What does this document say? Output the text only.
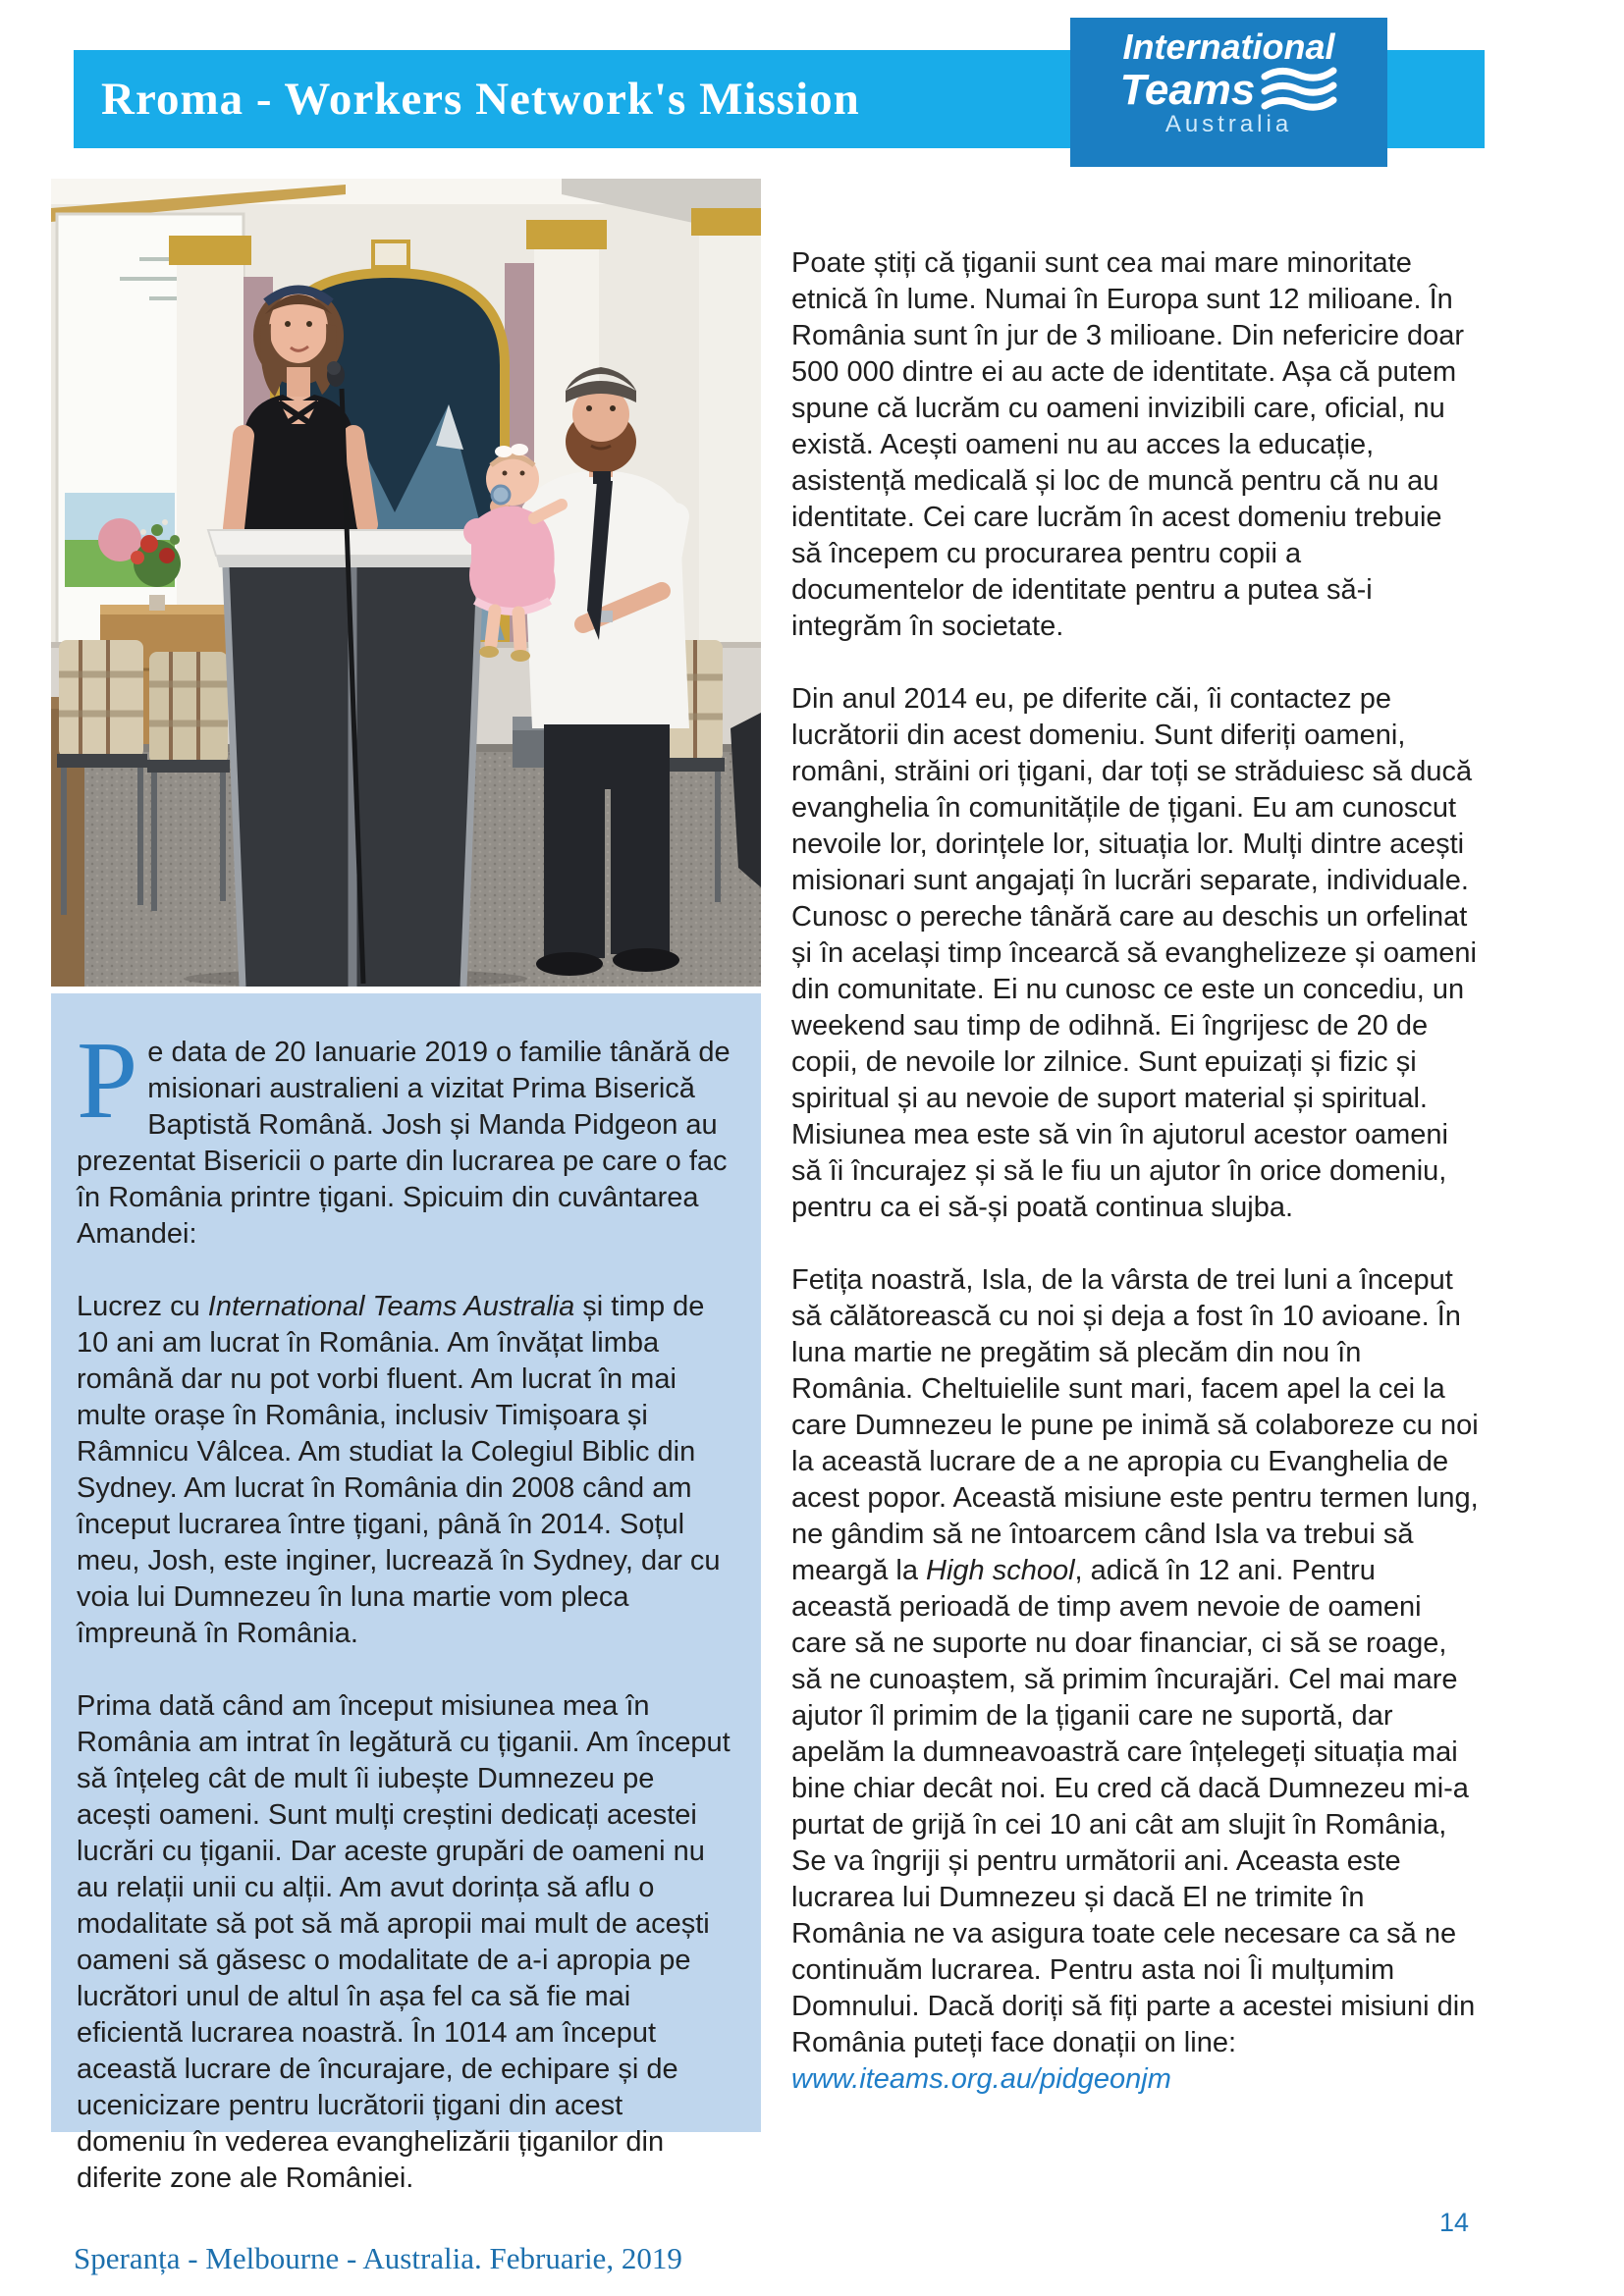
Rroma - Workers Network's Mission
International
Teams
Australia

Pe data de 20 Ianuarie 2019 o familie tânără de misionari australieni a vizitat Prima Biserică Baptistă Română. Josh și Manda Pidgeon au prezentat Bisericii o parte din lucrarea pe care o fac în România printre țigani. Spicuim din cuvântarea Amandei:

Lucrez cu International Teams Australia și timp de 10 ani am lucrat în România. Am învățat limba română dar nu pot vorbi fluent. Am lucrat în mai multe orașe în România, inclusiv Timișoara și Râmnicu Vâlcea. Am studiat la Colegiul Biblic din Sydney. Am lucrat în România din 2008 când am început lucrarea între țigani, până în 2014. Soțul meu, Josh, este inginer, lucrează în Sydney, dar cu voia lui Dumnezeu în luna martie vom pleca împreună în România.

Prima dată când am început misiunea mea în România am intrat în legătură cu țiganii. Am început să înțeleg cât de mult îi iubește Dumnezeu pe acești oameni. Sunt mulți creștini dedicați acestei lucrări cu țiganii. Dar aceste grupări de oameni nu au relații unii cu alții. Am avut dorința să aflu o modalitate să pot să mă apropii mai mult de acești oameni să găsesc o modalitate de a-i apropia pe lucrători unul de altul în așa fel ca să fie mai eficientă lucrarea noastră. În 1014 am început această lucrare de încurajare, de echipare și de ucenicizare pentru lucrătorii țigani din acest domeniu în vederea evanghelizării țiganilor din diferite zone ale României.

Poate știți că țiganii sunt cea mai mare minoritate etnică în lume. Numai în Europa sunt 12 milioane. În România sunt în jur de 3 milioane. Din nefericire doar 500 000 dintre ei au acte de identitate. Așa că putem spune că lucrăm cu oameni invizibili care, oficial, nu există. Acești oameni nu au acces la educație, asistență medicală și loc de muncă pentru că nu au identitate. Cei care lucrăm în acest domeniu trebuie să începem cu procurarea pentru copii a documentelor de identitate pentru a putea să-i integrăm în societate.

Din anul 2014 eu, pe diferite căi, îi contactez pe lucrătorii din acest domeniu. Sunt diferiți oameni, români, străini ori țigani, dar toți se străduiesc să ducă evanghelia în comunitățile de țigani. Eu am cunoscut nevoile lor, dorințele lor, situația lor. Mulți dintre acești misionari sunt angajați în lucrări separate, individuale. Cunosc o pereche tânără care au deschis un orfelinat și în același timp încearcă să evanghelizeze și oameni din comunitate. Ei nu cunosc ce este un concediu, un weekend sau timp de odihnă. Ei îngrijesc de 20 de copii, de nevoile lor zilnice. Sunt epuizați și fizic și spiritual și au nevoie de suport material și spiritual. Misiunea mea este să vin în ajutorul acestor oameni să îi încurajez și să le fiu un ajutor în orice domeniu, pentru ca ei să-și poată continua slujba.

Fetița noastră, Isla, de la vârsta de trei luni a început să călătorească cu noi și deja a fost în 10 avioane. În luna martie ne pregătim să plecăm din nou în România. Cheltuielile sunt mari, facem apel la cei la care Dumnezeu le pune pe inimă să colaboreze cu noi la această lucrare de a ne apropia cu Evanghelia de acest popor. Această misiune este pentru termen lung, ne gândim să ne întoarcem când Isla va trebui să meargă la High school, adică în 12 ani. Pentru această perioadă de timp avem nevoie de oameni care să ne suporte nu doar financiar, ci să se roage, să ne cunoaștem, să primim încurajări. Cel mai mare ajutor îl primim de la țiganii care ne suportă, dar apelăm la dumneavoastră care înțelegeți situația mai bine chiar decât noi. Eu cred că dacă Dumnezeu mi-a purtat de grijă în cei 10 ani cât am slujit în România, Se va îngriji și pentru următorii ani. Aceasta este lucrarea lui Dumnezeu și dacă El ne trimite în România ne va asigura toate cele necesare ca să ne continuăm lucrarea. Pentru asta noi Îi mulțumim Domnului. Dacă doriți să fiți parte a acestei misiuni din România puteți face donații on line: www.iteams.org.au/pidgeonjm

Speranța - Melbourne - Australia. Februarie, 2019
14
